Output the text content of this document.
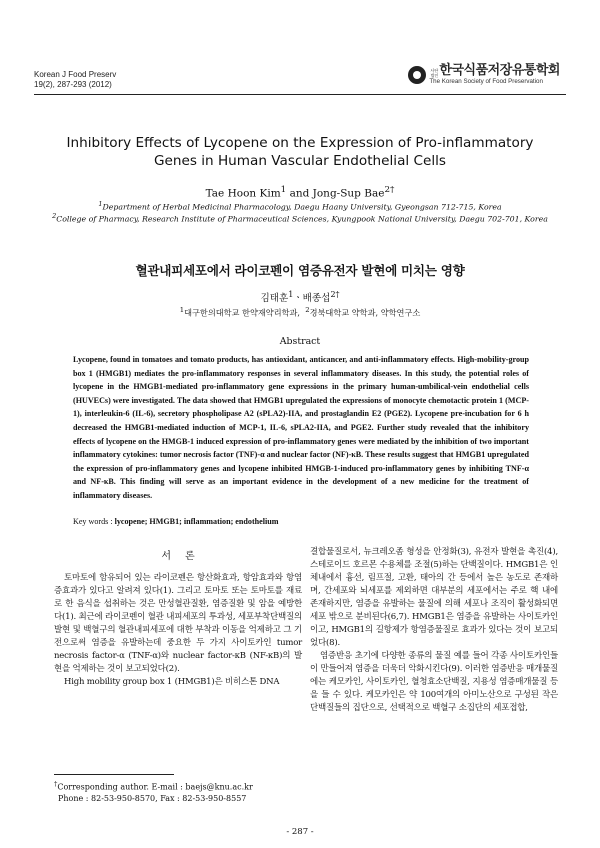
Korean J Food Preserv
19(2), 287-293 (2012)
사단법인 한국식품저장유통학회
The Korean Society of Food Preservation
Inhibitory Effects of Lycopene on the Expression of Pro-inflammatory
Genes in Human Vascular Endothelial Cells
Tae Hoon Kim$^1$ and Jong-Sup Bae$^{2\dagger}$
$^1$Department of Herbal Medicinal Pharmacology, Daegu Haany University, Gyeongsan 712-715, Korea
$^2$College of Pharmacy, Research Institute of Pharmaceutical Sciences, Kyungpook National University, Daegu 702-701, Korea
혈관내피세포에서 라이코펜이 염증유전자 발현에 미치는 영향
김태훈$^1$ㆍ배종섭$^{2\dagger}$
$^1$대구한의대학교 한약재약리학과, $^2$경북대학교 약학과, 약학연구소
Abstract
Lycopene, found in tomatoes and tomato products, has antioxidant, anticancer, and anti-inflammatory effects. High-mobility-group box 1 (HMGB1) mediates the pro-inflammatory responses in several inflammatory diseases. In this study, the potential roles of lycopene in the HMGB1-mediated pro-inflammatory gene expressions in the primary human-umbilical-vein endothelial cells (HUVECs) were investigated. The data showed that HMGB1 upregulated the expressions of monocyte chemotactic protein 1 (MCP-1), interleukin-6 (IL-6), secretory phospholipase A2 (sPLA2)-IIA, and prostaglandin E2 (PGE2). Lycopene pre-incubation for 6 h decreased the HMGB1-mediated induction of MCP-1, IL-6, sPLA2-IIA, and PGE2. Further study revealed that the inhibitory effects of lycopene on the HMGB-1 induced expression of pro-inflammatory genes were mediated by the inhibition of two important inflammatory cytokines: tumor necrosis factor (TNF)-α and nuclear factor (NF)-κB. These results suggest that HMGB1 upregulated the expression of pro-inflammatory genes and lycopene inhibited HMGB-1-induced pro-inflammatory genes by inhibiting TNF-α and NF-κB. This finding will serve as an important evidence in the development of a new medicine for the treatment of inflammatory diseases.
Key words : lycopene; HMGB1; inflammation; endothelium
서론

토마토에 함유되어 있는 라이코펜은 항산화효과, 항암효과와 항염증효과가 있다고 알려져 있다(1). 그리고 토마토 또는 토마토를 재료로 한 음식을 섭취하는 것은 만성혈관질환, 염증질환 및 암을 예방한다(1). 최근에 라이코펜이 혈관 내피세포의 투과성, 세포부착단백질의 발현 및 백혈구의 혈관내피세포에 대한 부착과 이동을 억제하고 그 기전으로써 염증을 유발하는데 중요한 두 가지 사이토카인 tumor necrosis factor-α (TNF-α)와 nuclear factor-κB (NF-κB)의 발현을 억제하는 것이 보고되었다(2).

High mobility group box 1 (HMGB1)은 비히스톤 DNA

결합물질로서, 뉴크레오좀 형성을 안정화(3), 유전자 발현을 촉진(4), 스테로이드 호르몬 수용체를 조절(5)하는 단백질이다. HMGB1은 인체내에서 흉선, 림프절, 고환, 태아의 간 등에서 높은 농도로 존재하며, 간세포와 뇌세포를 제외하면 대부분의 세포에서는 주로 핵 내에 존재하지만, 염증을 유발하는 물질에 의해 세포나 조직이 활성화되면 세포 밖으로 분비된다(6,7). HMGB1은 염증을 유발하는 사이토카인이고, HMGB1의 길항제가 항염증물질로 효과가 있다는 것이 보고되었다(8).

염증반응 초기에 다양한 종류의 물질 예를 들어 각종 사이토카인들이 만들어져 염증을 더욱더 악화시킨다(9). 이러한 염증반응 매개물질에는 케모카인, 사이토카인, 혈청효소단백질, 지용성 염증매개물질 등을 들 수 있다. 케모카인은 약 100여개의 아미노산으로 구성된 작은 단백질들의 집단으로, 선택적으로 백혈구 소집단의 세포접합,

†Corresponding author. E-mail : baejs@knu.ac.kr
Phone : 82-53-950-8570, Fax : 82-53-950-8557
- 287 -
